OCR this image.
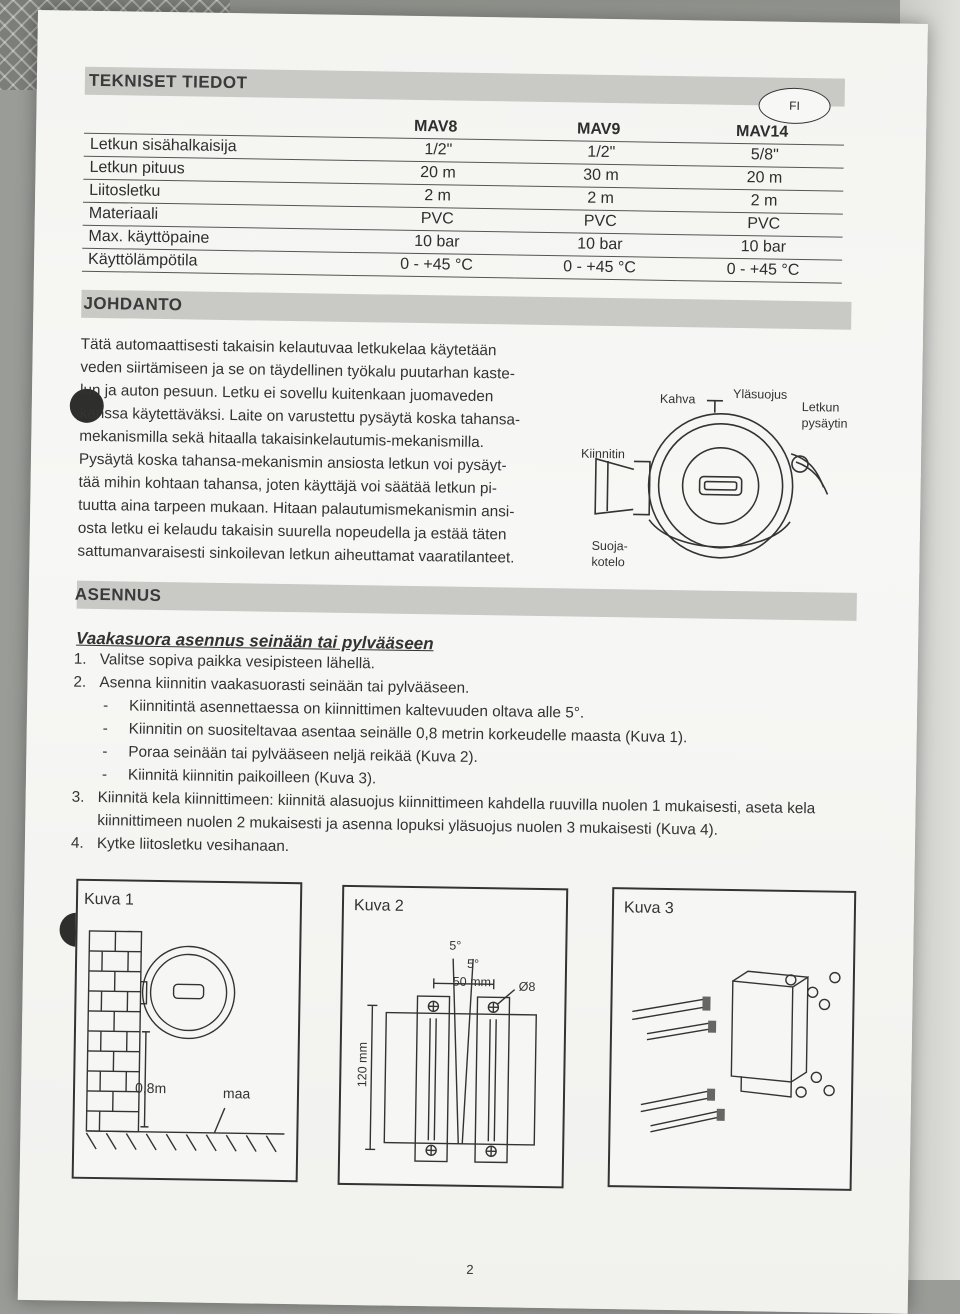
TEKNISET TIEDOT
FI
	MAV8	MAV9	MAV14
Letkun sisähalkaisija	1/2"	1/2"	5/8"
Letkun pituus	20 m	30 m	20 m
Liitosletku	2 m	2 m	2 m
Materiaali	PVC	PVC	PVC
Max. käyttöpaine	10 bar	10 bar	10 bar
Käyttölämpötila	0 - +45 °C	0 - +45 °C	0 - +45 °C
JOHDANTO
Tätä automaattisesti takaisin kelautuvaa letkukelaa käytetään
veden siirtämiseen ja se on täydellinen työkalu puutarhan kaste-
lun ja auton pesuun. Letku ei sovellu kuitenkaan juomaveden
kanssa käytettäväksi. Laite on varustettu pysäytä koska tahansa-
mekanismilla sekä hitaalla takaisinkelautumis-mekanismilla.
Pysäytä koska tahansa-mekanismin ansiosta letkun voi pysäyt-
tää mihin kohtaan tahansa, joten käyttäjä voi säätää letkun pi-
tuutta aina tarpeen mukaan. Hitaan palautumismekanismin ansi-
osta letku ei kelaudu takaisin suurella nopeudella ja estää täten
sattumanvaraisesti sinkoilevan letkun aiheuttamat vaaratilanteet.
Kahva	Yläsuojus
Letkun
pysäytin
Kiinnitin
Suoja-
kotelo
ASENNUS
Vaakasuora asennus seinään tai pylvääseen
1. Valitse sopiva paikka vesipisteen lähellä.
2. Asenna kiinnitin vaakasuorasti seinään tai pylvääseen.
- Kiinnitintä asennettaessa on kiinnittimen kaltevuuden oltava alle 5°.
- Kiinnitin on suositeltavaa asentaa seinälle 0,8 metrin korkeudelle maasta (Kuva 1).
- Poraa seinään tai pylvääseen neljä reikää (Kuva 2).
- Kiinnitä kiinnitin paikoilleen (Kuva 3).
3. Kiinnitä kela kiinnittimeen: kiinnitä alasuojus kiinnittimeen kahdella ruuvilla nuolen 1 mukaisesti, aseta kela
kiinnittimeen nuolen 2 mukaisesti ja asenna lopuksi yläsuojus nuolen 3 mukaisesti (Kuva 4).
4. Kytke liitosletku vesihanaan.
Kuva 1
0,8m	maa
Kuva 2
5°
5°
50 mm Ø8
120 mm
Kuva 3
2
